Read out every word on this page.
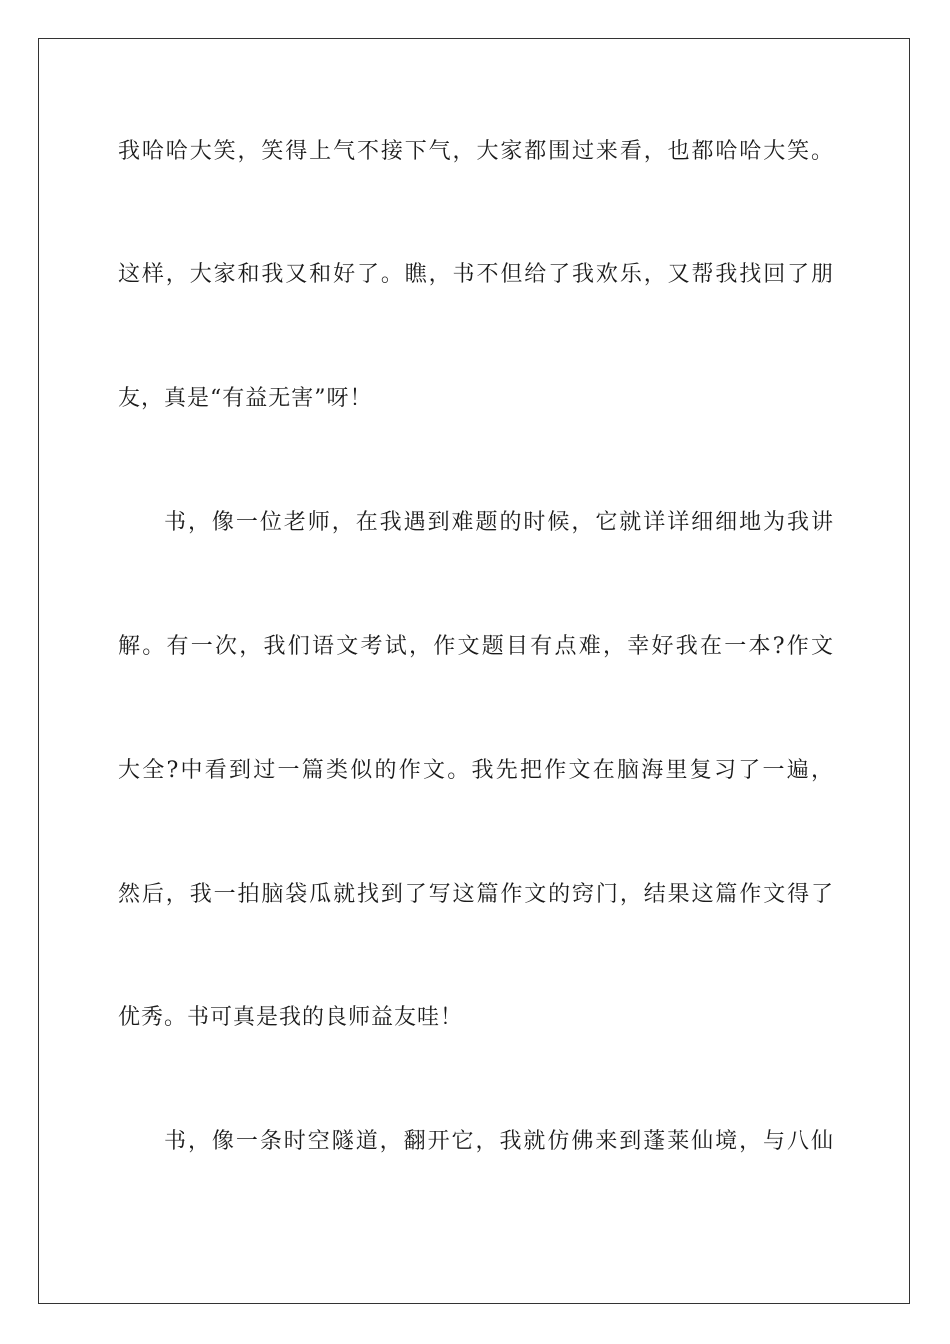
我哈哈大笑，笑得上气不接下气，大家都围过来看，也都哈哈大笑。
这样，大家和我又和好了。瞧，书不但给了我欢乐，又帮我找回了朋
友，真是“有益无害”呀！
书，像一位老师，在我遇到难题的时候，它就详详细细地为我讲
解。有一次，我们语文考试，作文题目有点难，幸好我在一本?作文
大全?中看到过一篇类似的作文。我先把作文在脑海里复习了一遍，
然后，我一拍脑袋瓜就找到了写这篇作文的窍门，结果这篇作文得了
优秀。书可真是我的良师益友哇！
书，像一条时空隧道，翻开它，我就仿佛来到蓬莱仙境，与八仙
